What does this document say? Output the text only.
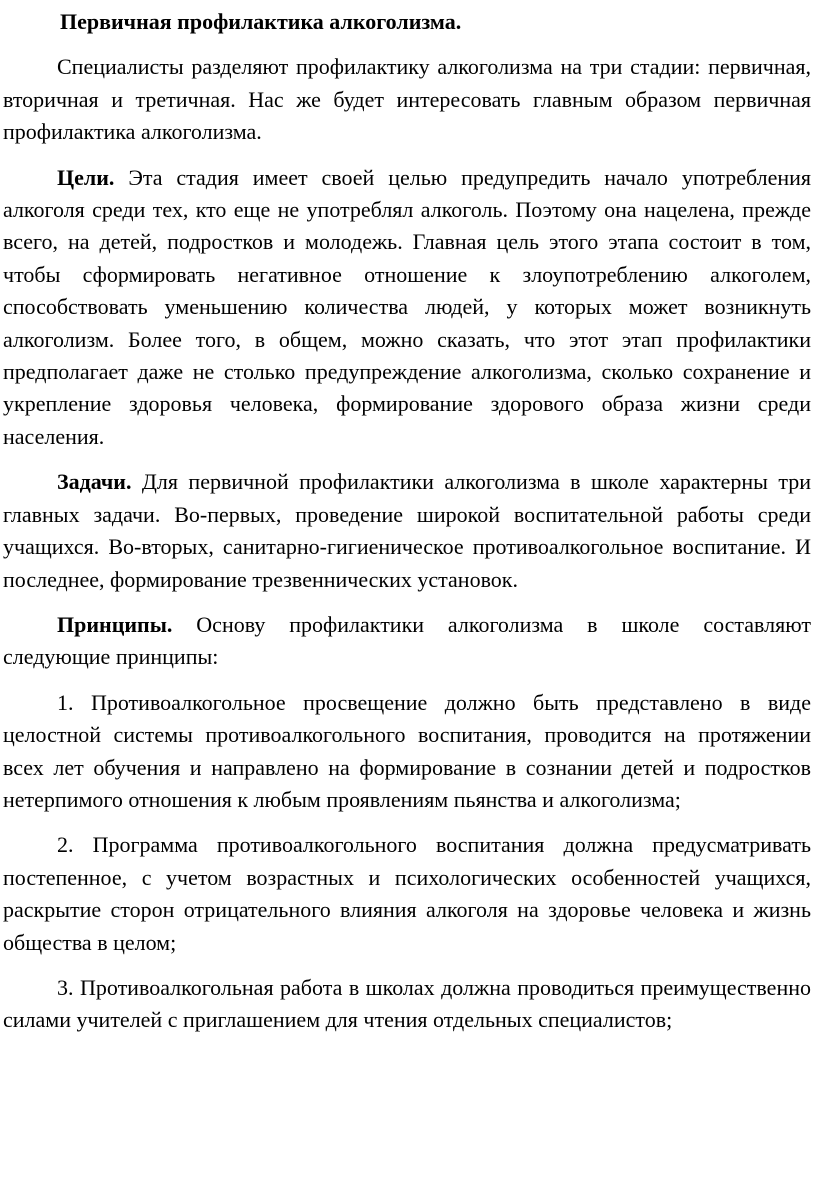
Первичная профилактика алкоголизма.

Специалисты разделяют профилактику алкоголизма на три стадии: первичная, вторичная и третичная. Нас же будет интересовать главным образом первичная профилактика алкоголизма.

Цели. Эта стадия имеет своей целью предупредить начало употребления алкоголя среди тех, кто еще не употреблял алкоголь. Поэтому она нацелена, прежде всего, на детей, подростков и молодежь. Главная цель этого этапа состоит в том, чтобы сформировать негативное отношение к злоупотреблению алкоголем, способствовать уменьшению количества людей, у которых может возникнуть алкоголизм. Более того, в общем, можно сказать, что этот этап профилактики предполагает даже не столько предупреждение алкоголизма, сколько сохранение и укрепление здоровья человека, формирование здорового образа жизни среди населения.

Задачи. Для первичной профилактики алкоголизма в школе характерны три главных задачи. Во-первых, проведение широкой воспитательной работы среди учащихся. Во-вторых, санитарно-гигиеническое противоалкогольное воспитание. И последнее, формирование трезвеннических установок.

Принципы. Основу профилактики алкоголизма в школе составляют следующие принципы:

1. Противоалкогольное просвещение должно быть представлено в виде целостной системы противоалкогольного воспитания, проводится на протяжении всех лет обучения и направлено на формирование в сознании детей и подростков нетерпимого отношения к любым проявлениям пьянства и алкоголизма;

2. Программа противоалкогольного воспитания должна предусматривать постепенное, с учетом возрастных и психологических особенностей учащихся, раскрытие сторон отрицательного влияния алкоголя на здоровье человека и жизнь общества в целом;

3. Противоалкогольная работа в школах должна проводиться преимущественно силами учителей с приглашением для чтения отдельных специалистов;
